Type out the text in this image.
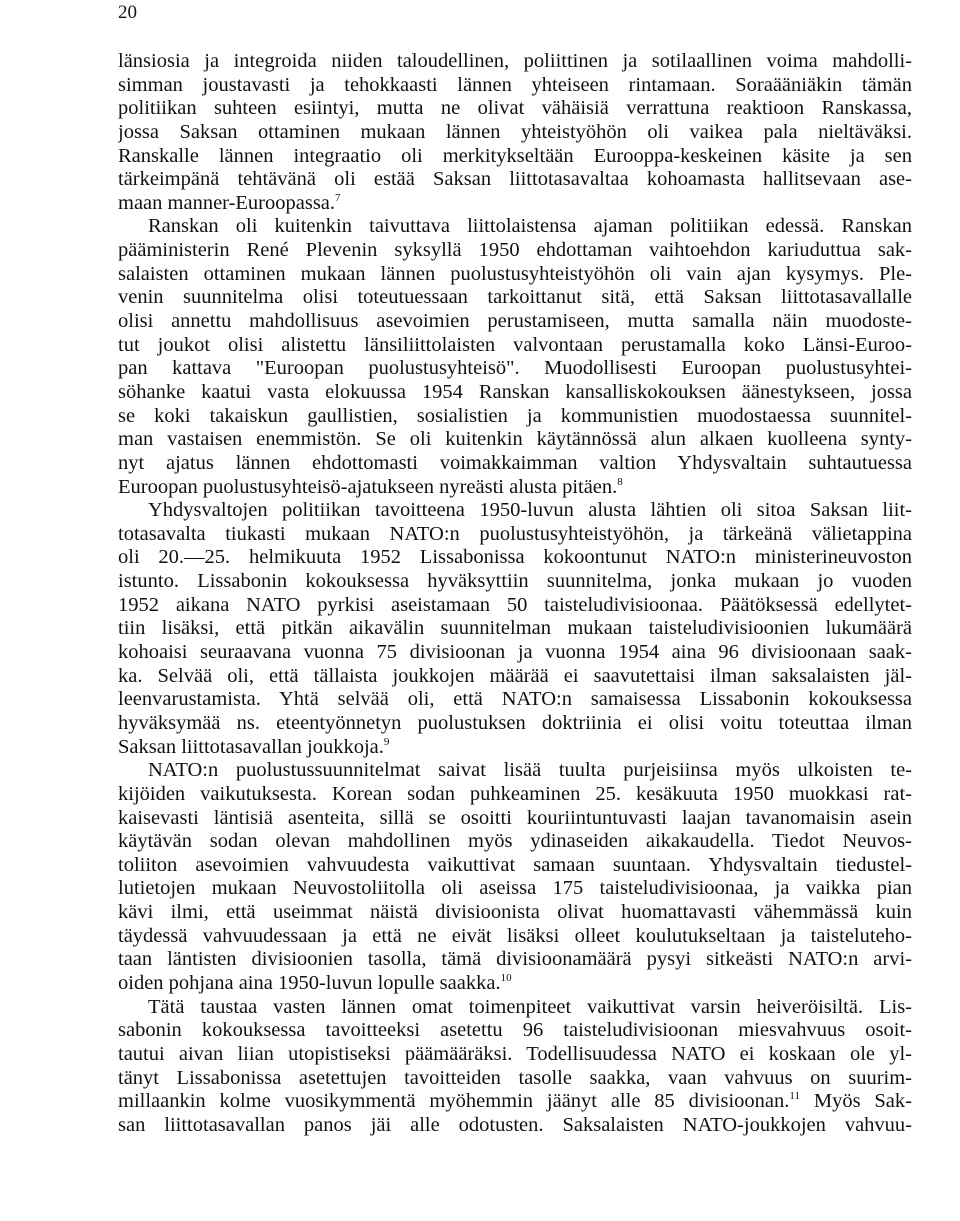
20
länsiosia ja integroida niiden taloudellinen, poliittinen ja sotilaallinen voima mahdolli-
simman joustavasti ja tehokkaasti lännen yhteiseen rintamaan. Soraääniäkin tämän
politiikan suhteen esiintyi, mutta ne olivat vähäisiä verrattuna reaktioon Ranskassa,
jossa Saksan ottaminen mukaan lännen yhteistyöhön oli vaikea pala nieltäväksi.
Ranskalle lännen integraatio oli merkitykseltään Eurooppa-keskeinen käsite ja sen
tärkeimpänä tehtävänä oli estää Saksan liittotasavaltaa kohoamasta hallitsevaan ase-
maan manner-Euroopassa.$^7$
Ranskan oli kuitenkin taivuttava liittolaistensa ajaman politiikan edessä. Ranskan
pääministerin René Plevenin syksyllä 1950 ehdottaman vaihtoehdon kariuduttua sak-
salaisten ottaminen mukaan lännen puolustusyhteistyöhön oli vain ajan kysymys. Ple-
venin suunnitelma olisi toteutuessaan tarkoittanut sitä, että Saksan liittotasavallalle
olisi annettu mahdollisuus asevoimien perustamiseen, mutta samalla näin muodoste-
tut joukot olisi alistettu länsiliittolaisten valvontaan perustamalla koko Länsi-Euroo-
pan kattava "Euroopan puolustusyhteisö". Muodollisesti Euroopan puolustusyhtei-
söhanke kaatui vasta elokuussa 1954 Ranskan kansalliskokouksen äänestykseen, jossa
se koki takaiskun gaullistien, sosialistien ja kommunistien muodostaessa suunnitel-
man vastaisen enemmistön. Se oli kuitenkin käytännössä alun alkaen kuolleena synty-
nyt ajatus lännen ehdottomasti voimakkaimman valtion Yhdysvaltain suhtautuessa
Euroopan puolustusyhteisö-ajatukseen nyreästi alusta pitäen.$^8$
Yhdysvaltojen politiikan tavoitteena 1950-luvun alusta lähtien oli sitoa Saksan liit-
totasavalta tiukasti mukaan NATO:n puolustusyhteistyöhön, ja tärkeänä välietappina
oli 20.—25. helmikuuta 1952 Lissabonissa kokoontunut NATO:n ministerineuvoston
istunto. Lissabonin kokouksessa hyväksyttiin suunnitelma, jonka mukaan jo vuoden
1952 aikana NATO pyrkisi aseistamaan 50 taisteludivisioonaa. Päätöksessä edellytet-
tiin lisäksi, että pitkän aikavälin suunnitelman mukaan taisteludivisioonien lukumäärä
kohoaisi seuraavana vuonna 75 divisioonan ja vuonna 1954 aina 96 divisioonaan saak-
ka. Selvää oli, että tällaista joukkojen määrää ei saavutettaisi ilman saksalaisten jäl-
leenvarustamista. Yhtä selvää oli, että NATO:n samaisessa Lissabonin kokouksessa
hyväksymää ns. eteentyönnetyn puolustuksen doktriinia ei olisi voitu toteuttaa ilman
Saksan liittotasavallan joukkoja.$^9$
NATO:n puolustussuunnitelmat saivat lisää tuulta purjeisiinsa myös ulkoisten te-
kijöiden vaikutuksesta. Korean sodan puhkeaminen 25. kesäkuuta 1950 muokkasi rat-
kaisevasti läntisiä asenteita, sillä se osoitti kouriintuntuvasti laajan tavanomaisin asein
käytävän sodan olevan mahdollinen myös ydinaseiden aikakaudella. Tiedot Neuvos-
toliiton asevoimien vahvuudesta vaikuttivat samaan suuntaan. Yhdysvaltain tiedustel-
lutietojen mukaan Neuvostoliitolla oli aseissa 175 taisteludivisioonaa, ja vaikka pian
kävi ilmi, että useimmat näistä divisioonista olivat huomattavasti vähemmässä kuin
täydessä vahvuudessaan ja että ne eivät lisäksi olleet koulutukseltaan ja taisteluteho-
taan läntisten divisioonien tasolla, tämä divisioonamäärä pysyi sitkeästi NATO:n arvi-
oiden pohjana aina 1950-luvun lopulle saakka.$^{10}$
Tätä taustaa vasten lännen omat toimenpiteet vaikuttivat varsin heiveröisiltä. Lis-
sabonin kokouksessa tavoitteeksi asetettu 96 taisteludivisioonan miesvahvuus osoit-
tautui aivan liian utopistiseksi päämääräksi. Todellisuudessa NATO ei koskaan ole yl-
tänyt Lissabonissa asetettujen tavoitteiden tasolle saakka, vaan vahvuus on suurim-
millaankin kolme vuosikymmentä myöhemmin jäänyt alle 85 divisioonan.$^{11}$ Myös Sak-
san liittotasavallan panos jäi alle odotusten. Saksalaisten NATO-joukkojen vahvuu-
